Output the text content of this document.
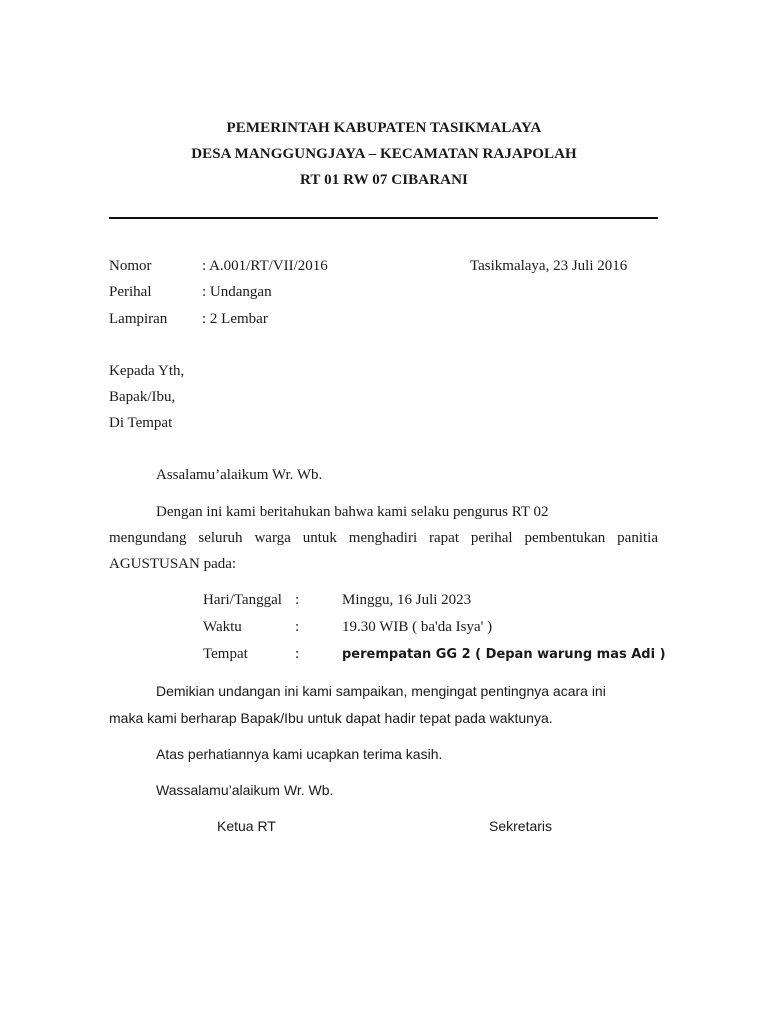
PEMERINTAH KABUPATEN TASIKMALAYA
DESA MANGGUNGJAYA – KECAMATAN RAJAPOLAH
RT 01 RW 07 CIBARANI
Nomor	: A.001/RT/VII/2016	Tasikmalaya, 23 Juli 2016
Perihal	: Undangan
Lampiran : 2 Lembar
Kepada Yth,
Bapak/Ibu,
Di Tempat
Assalamu’alaikum Wr. Wb.
Dengan ini kami beritahukan bahwa kami selaku pengurus RT 02
mengundang seluruh warga untuk menghadiri rapat perihal pembentukan panitia
AGUSTUSAN pada:
Hari/Tanggal :	Minggu, 16 Juli 2023
Waktu	:	19.30 WIB ( ba'da Isya' )
Tempat	:	perempatan GG 2 ( Depan warung mas Adi )
Demikian undangan ini kami sampaikan, mengingat pentingnya acara ini
maka kami berharap Bapak/Ibu untuk dapat hadir tepat pada waktunya.
Atas perhatiannya kami ucapkan terima kasih.
Wassalamu’alaikum Wr. Wb.
Ketua RT	Sekretaris
